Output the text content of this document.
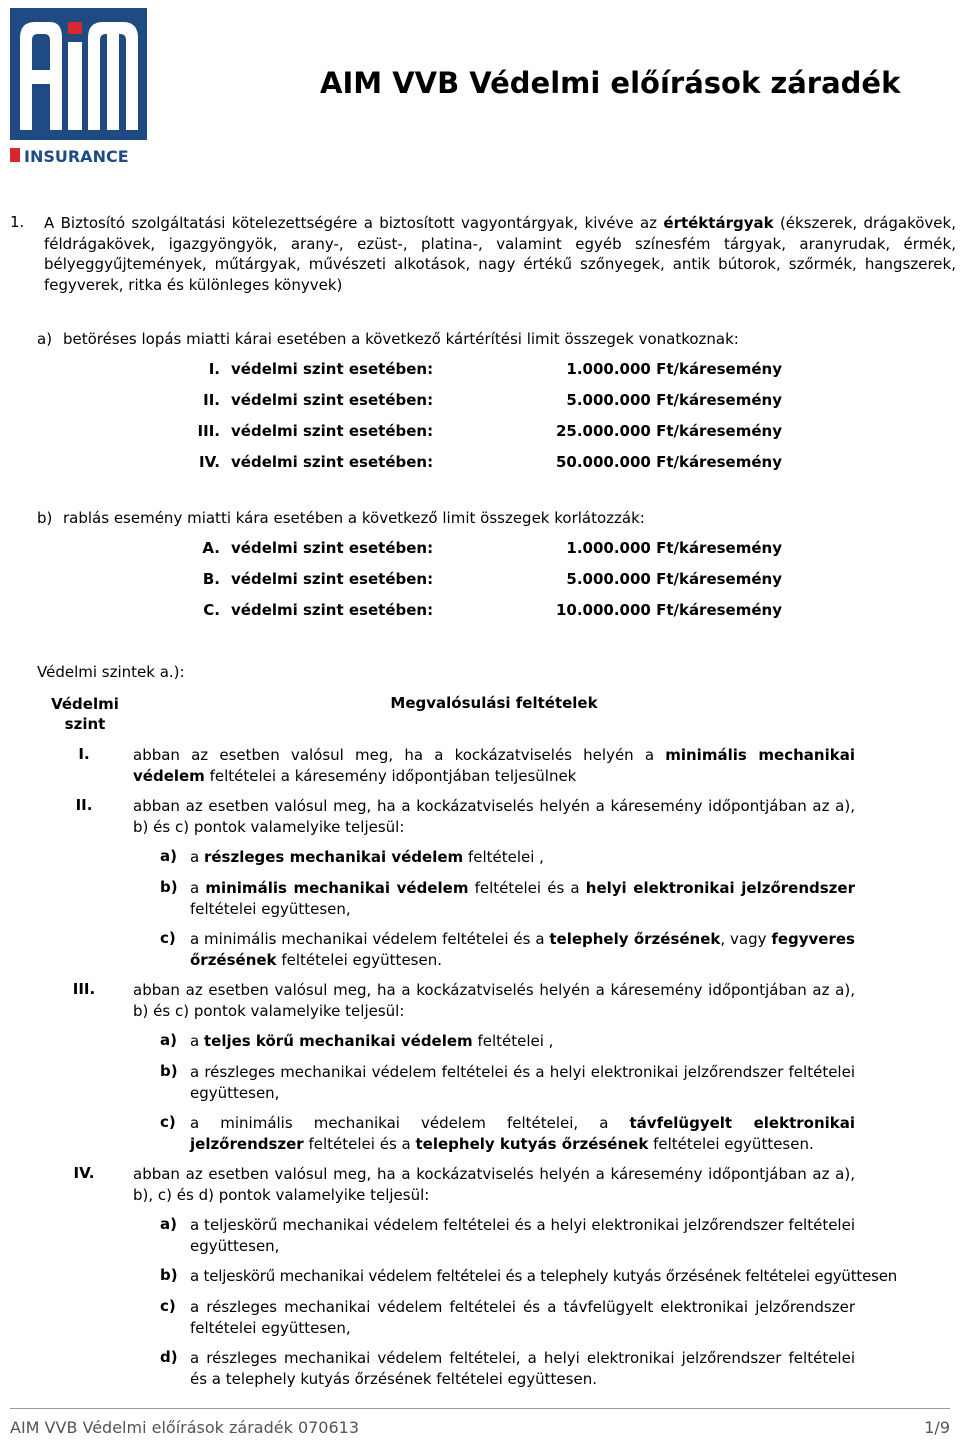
INSURANCE
AIM VVB Védelmi előírások záradék
1. A Biztosító szolgáltatási kötelezettségére a biztosított vagyontárgyak, kivéve az értéktárgyak (ékszerek, drágakövek, féldrágakövek, igazgyöngyök, arany-, ezüst-, platina-, valamint egyéb színesfém tárgyak, aranyrudak, érmék, bélyeggyűjtemények, műtárgyak, művészeti alkotások, nagy értékű szőnyegek, antik bútorok, szőrmék, hangszerek, fegyverek, ritka és különleges könyvek)
a) betöréses lopás miatti kárai esetében a következő kártérítési limit összegek vonatkoznak:
I. védelmi szint esetében:	1.000.000 Ft/káresemény
II. védelmi szint esetében:	5.000.000 Ft/káresemény
III. védelmi szint esetében:	25.000.000 Ft/káresemény
IV. védelmi szint esetében:	50.000.000 Ft/káresemény
b) rablás esemény miatti kára esetében a következő limit összegek korlátozzák:
A. védelmi szint esetében:	1.000.000 Ft/káresemény
B. védelmi szint esetében:	5.000.000 Ft/káresemény
C. védelmi szint esetében:	10.000.000 Ft/káresemény
Védelmi szintek a.):
Védelmi szint
Megvalósulási feltételek
I.	abban az esetben valósul meg, ha a kockázatviselés helyén a minimális mechanikai védelem feltételei a káresemény időpontjában teljesülnek
II.	abban az esetben valósul meg, ha a kockázatviselés helyén a káresemény időpontjában az a), b) és c) pontok valamelyike teljesül:
a) a részleges mechanikai védelem feltételei ,
b) a minimális mechanikai védelem feltételei és a helyi elektronikai jelzőrendszer feltételei együttesen,
c) a minimális mechanikai védelem feltételei és a telephely őrzésének, vagy fegyveres őrzésének feltételei együttesen.
III.	abban az esetben valósul meg, ha a kockázatviselés helyén a káresemény időpontjában az a), b) és c) pontok valamelyike teljesül:
a) a teljes körű mechanikai védelem feltételei ,
b) a részleges mechanikai védelem feltételei és a helyi elektronikai jelzőrendszer feltételei együttesen,
c) a minimális mechanikai védelem feltételei, a távfelügyelt elektronikai jelzőrendszer feltételei és a telephely kutyás őrzésének feltételei együttesen.
IV.	abban az esetben valósul meg, ha a kockázatviselés helyén a káresemény időpontjában az a), b), c) és d) pontok valamelyike teljesül:
a) a teljeskörű mechanikai védelem feltételei és a helyi elektronikai jelzőrendszer feltételei együttesen,
b) a teljeskörű mechanikai védelem feltételei és a telephely kutyás őrzésének feltételei együttesen
c) a részleges mechanikai védelem feltételei és a távfelügyelt elektronikai jelzőrendszer feltételei együttesen,
d) a részleges mechanikai védelem feltételei, a helyi elektronikai jelzőrendszer feltételei és a telephely kutyás őrzésének feltételei együttesen.
AIM VVB Védelmi előírások záradék 070613	1/9
